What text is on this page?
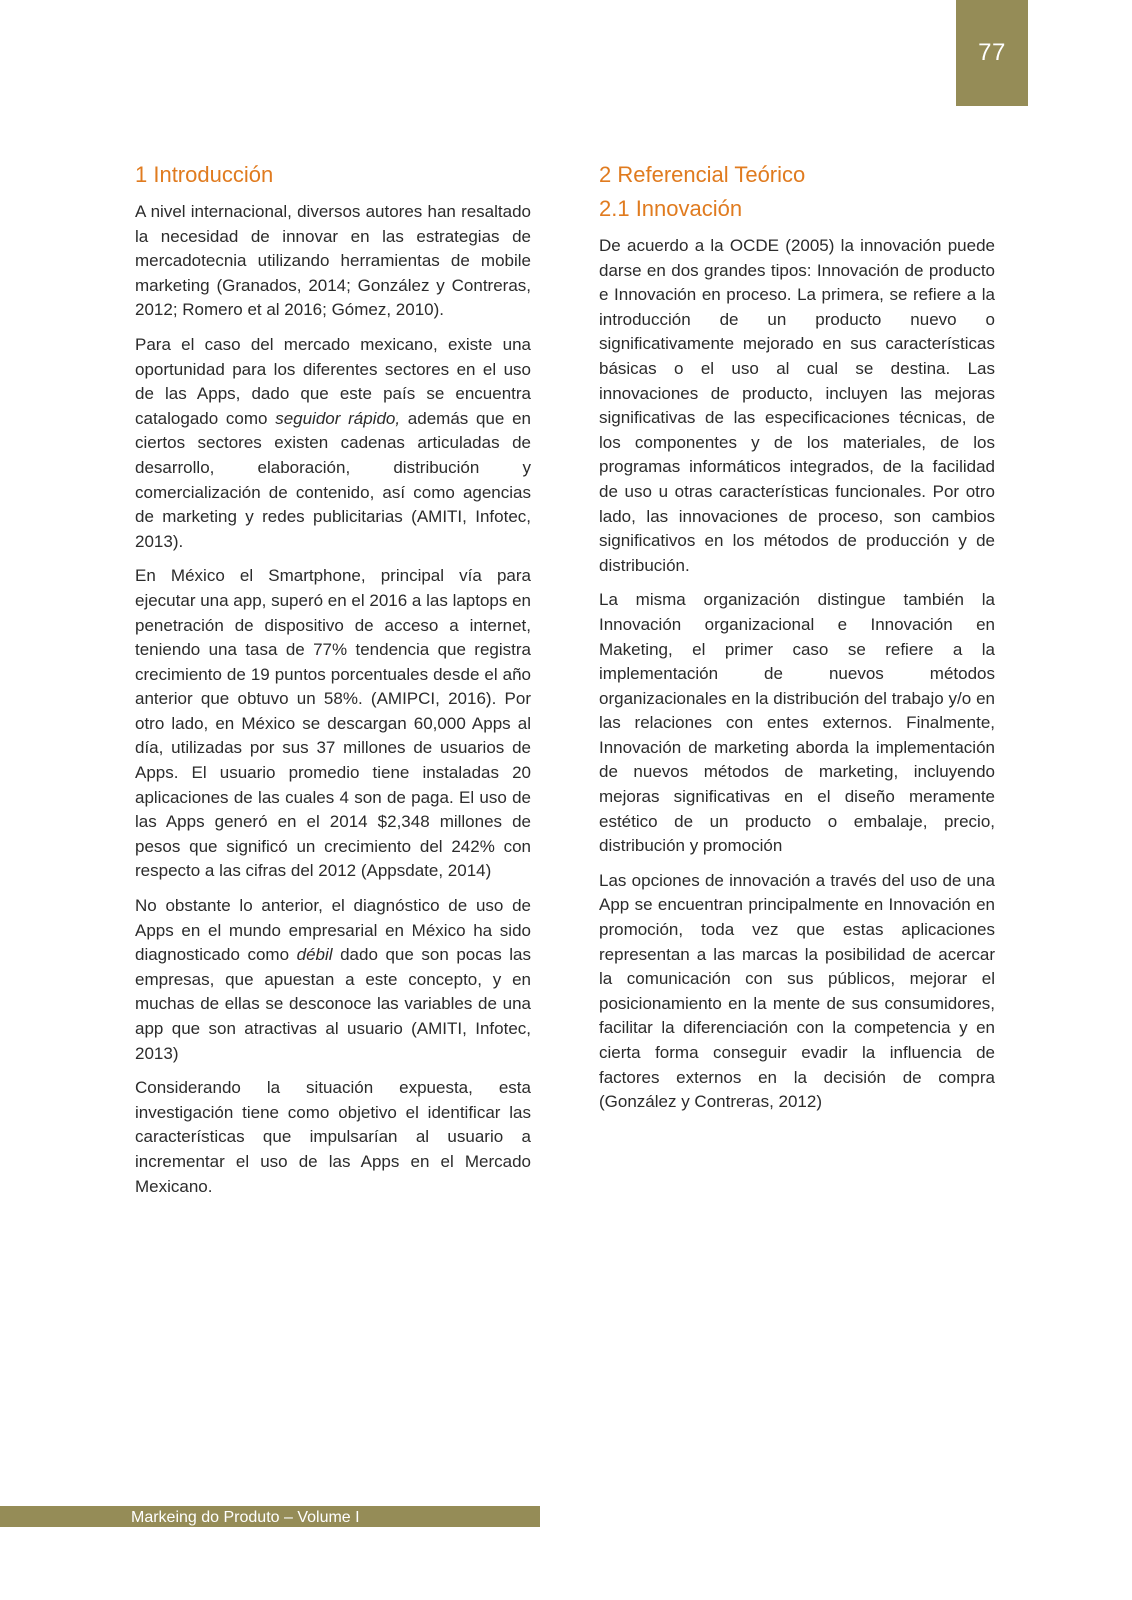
77
1 Introducción

A nivel internacional, diversos autores han resaltado la necesidad de innovar en las estrategias de mercadotecnia utilizando herramientas de mobile marketing (Granados, 2014; González y Contreras, 2012; Romero et al 2016; Gómez, 2010).

Para el caso del mercado mexicano, existe una oportunidad para los diferentes sectores en el uso de las Apps, dado que este país se encuentra catalogado como seguidor rápido, además que en ciertos sectores existen cadenas articuladas de desarrollo, elaboración, distribución y comercialización de contenido, así como agencias de marketing y redes publicitarias (AMITI, Infotec, 2013).

En México el Smartphone, principal vía para ejecutar una app, superó en el 2016 a las laptops en penetración de dispositivo de acceso a internet, teniendo una tasa de 77% tendencia que registra crecimiento de 19 puntos porcentuales desde el año anterior que obtuvo un 58%. (AMIPCI, 2016). Por otro lado, en México se descargan 60,000 Apps al día, utilizadas por sus 37 millones de usuarios de Apps. El usuario promedio tiene instaladas 20 aplicaciones de las cuales 4 son de paga. El uso de las Apps generó en el 2014 $2,348 millones de pesos que significó un crecimiento del 242% con respecto a las cifras del 2012 (Appsdate, 2014)

No obstante lo anterior, el diagnóstico de uso de Apps en el mundo empresarial en México ha sido diagnosticado como débil dado que son pocas las empresas, que apuestan a este concepto, y en muchas de ellas se desconoce las variables de una app que son atractivas al usuario (AMITI, Infotec, 2013)

Considerando la situación expuesta, esta investigación tiene como objetivo el identificar las características que impulsarían al usuario a incrementar el uso de las Apps en el Mercado Mexicano.

2 Referencial Teórico
2.1 Innovación

De acuerdo a la OCDE (2005) la innovación puede darse en dos grandes tipos: Innovación de producto e Innovación en proceso. La primera, se refiere a la introducción de un producto nuevo o significativamente mejorado en sus características básicas o el uso al cual se destina. Las innovaciones de producto, incluyen las mejoras significativas de las especificaciones técnicas, de los componentes y de los materiales, de los programas informáticos integrados, de la facilidad de uso u otras características funcionales. Por otro lado, las innovaciones de proceso, son cambios significativos en los métodos de producción y de distribución.

La misma organización distingue también la Innovación organizacional e Innovación en Maketing, el primer caso se refiere a la implementación de nuevos métodos organizacionales en la distribución del trabajo y/o en las relaciones con entes externos. Finalmente, Innovación de marketing aborda la implementación de nuevos métodos de marketing, incluyendo mejoras significativas en el diseño meramente estético de un producto o embalaje, precio, distribución y promoción

Las opciones de innovación a través del uso de una App se encuentran principalmente en Innovación en promoción, toda vez que estas aplicaciones representan a las marcas la posibilidad de acercar la comunicación con sus públicos, mejorar el posicionamiento en la mente de sus consumidores, facilitar la diferenciación con la competencia y en cierta forma conseguir evadir la influencia de factores externos en la decisión de compra (González y Contreras, 2012)

Markeing do Produto – Volume I
